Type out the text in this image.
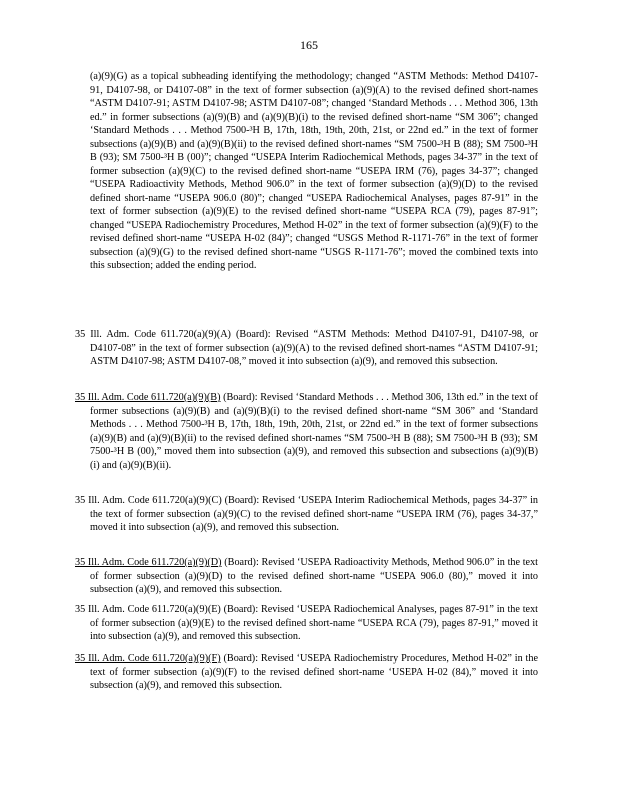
165

(a)(9)(G) as a topical subheading identifying the methodology; changed “ASTM Methods: Method D4107-91, D4107-98, or D4107-08” in the text of former subsection (a)(9)(A) to the revised defined short-names “ASTM D4107-91; ASTM D4107-98; ASTM D4107-08”; changed ‘Standard Methods . . . Method 306, 13th ed.” in former subsections (a)(9)(B) and (a)(9)(B)(i) to the revised defined short-name “SM 306”; changed ‘Standard Methods . . . Method 7500-³H B, 17th, 18th, 19th, 20th, 21st, or 22nd ed.” in the text of former subsections (a)(9)(B) and (a)(9)(B)(ii) to the revised defined short-names “SM 7500-³H B (88); SM 7500-³H B (93); SM 7500-³H B (00)”; changed “USEPA Interim Radiochemical Methods, pages 34-37” in the text of former subsection (a)(9)(C) to the revised defined short-name “USEPA IRM (76), pages 34-37”; changed “USEPA Radioactivity Methods, Method 906.0” in the text of former subsection (a)(9)(D) to the revised defined short-name “USEPA 906.0 (80)”; changed “USEPA Radiochemical Analyses, pages 87-91” in the text of former subsection (a)(9)(E) to the revised defined short-name “USEPA RCA (79), pages 87-91”; changed “USEPA Radiochemistry Procedures, Method H-02” in the text of former subsection (a)(9)(F) to the revised defined short-name “USEPA H-02 (84)”; changed “USGS Method R-1171-76” in the text of former subsection (a)(9)(G) to the revised defined short-name “USGS R-1171-76”; moved the combined texts into this subsection; added the ending period.

35 Ill. Adm. Code 611.720(a)(9)(A) (Board): Revised “ASTM Methods: Method D4107-91, D4107-98, or D4107-08” in the text of former subsection (a)(9)(A) to the revised defined short-names “ASTM D4107-91; ASTM D4107-98; ASTM D4107-08,” moved it into subsection (a)(9), and removed this subsection.

35 Ill. Adm. Code 611.720(a)(9)(B) (Board): Revised ‘Standard Methods . . . Method 306, 13th ed.” in the text of former subsections (a)(9)(B) and (a)(9)(B)(i) to the revised defined short-name “SM 306” and ‘Standard Methods . . . Method 7500-³H B, 17th, 18th, 19th, 20th, 21st, or 22nd ed.” in the text of former subsections (a)(9)(B) and (a)(9)(B)(ii) to the revised defined short-names “SM 7500-³H B (88); SM 7500-³H B (93); SM 7500-³H B (00),” moved them into subsection (a)(9), and removed this subsection and subsections (a)(9)(B)(i) and (a)(9)(B)(ii).

35 Ill. Adm. Code 611.720(a)(9)(C) (Board): Revised ‘USEPA Interim Radiochemical Methods, pages 34-37” in the text of former subsection (a)(9)(C) to the revised defined short-name “USEPA IRM (76), pages 34-37,” moved it into subsection (a)(9), and removed this subsection.

35 Ill. Adm. Code 611.720(a)(9)(D) (Board): Revised ‘USEPA Radioactivity Methods, Method 906.0” in the text of former subsection (a)(9)(D) to the revised defined short-name “USEPA 906.0 (80),” moved it into subsection (a)(9), and removed this subsection.

35 Ill. Adm. Code 611.720(a)(9)(E) (Board): Revised ‘USEPA Radiochemical Analyses, pages 87-91” in the text of former subsection (a)(9)(E) to the revised defined short-name “USEPA RCA (79), pages 87-91,” moved it into subsection (a)(9), and removed this subsection.

35 Ill. Adm. Code 611.720(a)(9)(F) (Board): Revised ‘USEPA Radiochemistry Procedures, Method H-02” in the text of former subsection (a)(9)(F) to the revised defined short-name ‘USEPA H-02 (84),” moved it into subsection (a)(9), and removed this subsection.
